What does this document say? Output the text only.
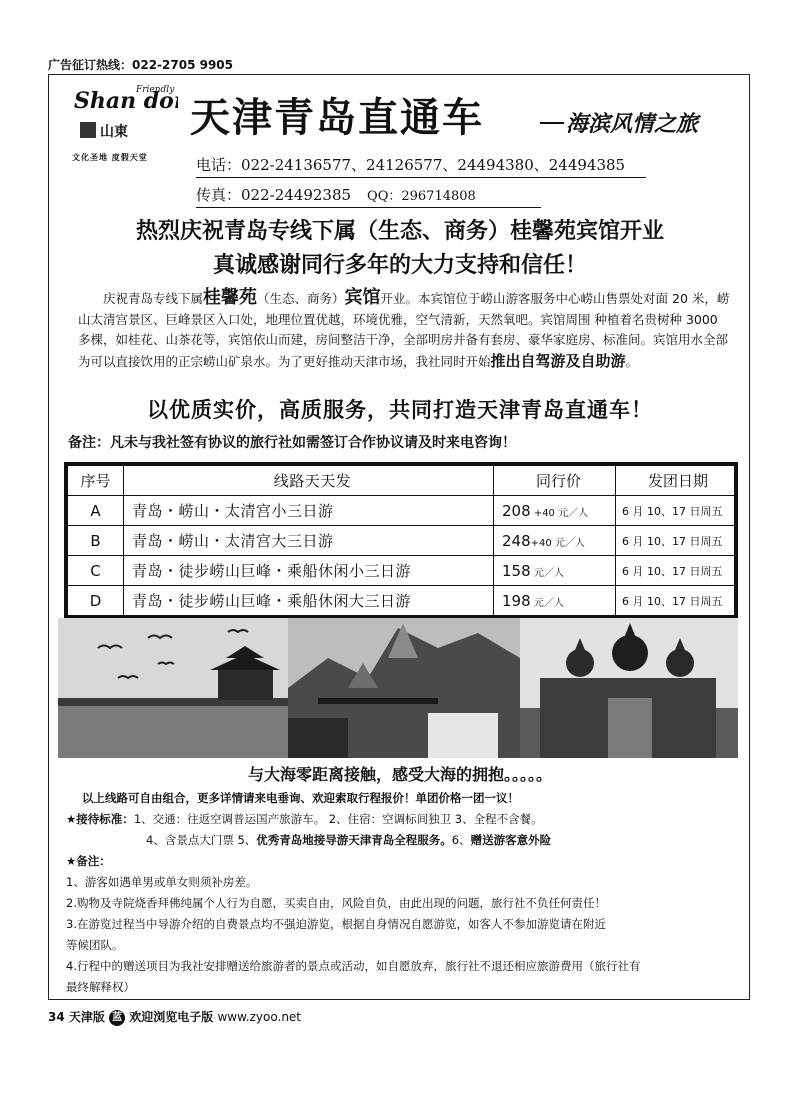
广告征订热线：022-2705 9905
Shan do
Friendly
山東
文化圣地 度假天堂
天津青岛直通车	海滨风情之旅
电话：022-24136577、24126577、24494380、24494385
传真：022-24492385 QQ：296714808
热烈庆祝青岛专线下属（生态、商务）桂馨苑宾馆开业
真诚感谢同行多年的大力支持和信任！
庆祝青岛专线下属桂馨苑（生态、商务）宾馆开业。本宾馆位于崂山游客服务中心崂山售票处对面 20 米，崂山太清宫景区、巨峰景区入口处，地理位置优越，环境优雅，空气清新，天然氧吧。宾馆周围 种植着名贵树种 3000 多棵，如桂花、山茶花等，宾馆依山而建，房间整洁干净，全部明房并备有套房、豪华家庭房、标准间。宾馆用水全部为可以直接饮用的正宗崂山矿泉水。为了更好推动天津市场，我社同时开始推出自驾游及自助游。
以优质实价，高质服务，共同打造天津青岛直通车！
备注：凡未与我社签有协议的旅行社如需签订合作协议请及时来电咨询！
序号	线路天天发	同行价	发团日期
A	青岛・崂山・太清宫小三日游	208 +40 元／人	6 月 10、17 日周五
B	青岛・崂山・太清宫大三日游	248+40 元／人	6 月 10、17 日周五
C	青岛・徒步崂山巨峰・乘船休闲小三日游	158 元／人	6 月 10、17 日周五
D	青岛・徒步崂山巨峰・乘船休闲大三日游	198 元／人	6 月 10、17 日周五
与大海零距离接触，感受大海的拥抱。。。。。
以上线路可自由组合，更多详情请来电垂询、欢迎索取行程报价！单团价格一团一议！
★接待标准：1、交通：往返空调普运国产旅游车。 2、住宿：空调标间独卫 3、全程不含餐。
4、含景点大门票 5、优秀青岛地接导游天津青岛全程服务。6、赠送游客意外险
★备注：
1、游客如遇单男或单女则须补房差。
2.购物及寺院烧香拜佛纯属个人行为自愿，买卖自由，风险自负，由此出现的问题，旅行社不负任何责任！
3.在游览过程当中导游介绍的自费景点均不强迫游览，根据自身情况自愿游览，如客人不参加游览请在附近
等候团队。
4.行程中的赠送项目为我社安排赠送给旅游者的景点或活动，如自愿放弃，旅行社不退还相应旅游费用（旅行社有
最终解释权）
34 天津版 蓝 欢迎浏览电子版 www.zyoo.net
